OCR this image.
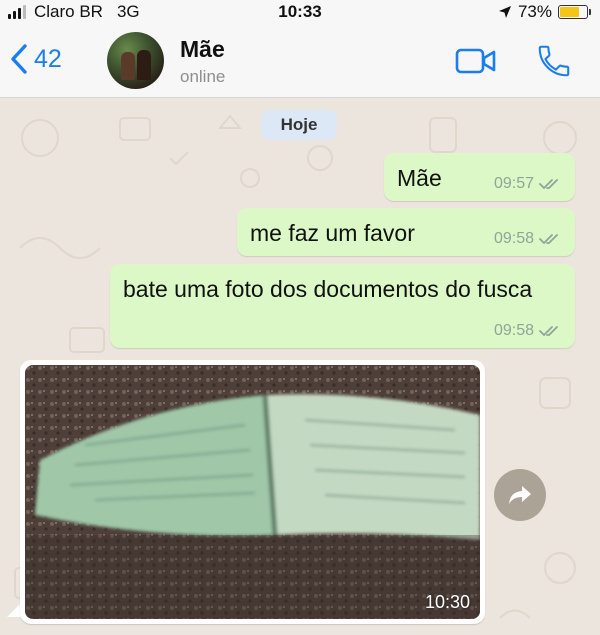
Claro BR 3G	10:33	73%
42	Mãe
online
Hoje
Mãe	09:57
me faz um favor	09:58
bate uma foto dos documentos do fusca
09:58
10:30
